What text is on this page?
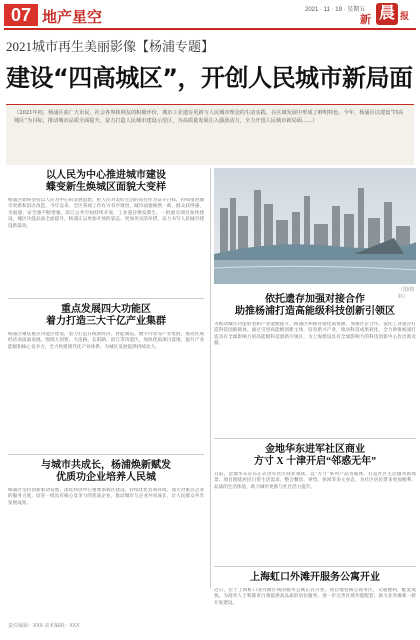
07 地产星空	2021 · 11 · 19 · 星期五
新 晨 报
2021城市再生美丽影像【杨浦专题】
建设“四高城区”，开创人民城市新局面
（2021年初，杨浦区获广大市民、社会各界和网友的积极评价，城市工业遗存更新与人民城市理念的生动实践，在区域发展中形成了鲜明特色。今年，杨浦区以建设“四高城区”为目标，推动城市品质全面提升，奋力打造人民城市建设示范区，为高质量发展注入强劲动力，全力开创人民城市新局面……）
以人民为中心推进城市建设
蝶变新生焕城区面貌大变样
杨浦区始终坚持以人民为中心的发展思想，把人民对美好生活的向往作为奋斗目标，持续推进城市更新和旧区改造。今年以来，全区各项工作有力有序推进，城市面貌焕然一新，群众获得感、幸福感、安全感不断增强。滨江公共空间持续开放，工业遗存焕发新生，一批重点项目加快建设，城区功能品质全面提升。杨浦正以更加开放的姿态、更加务实的举措，奋力书写人民城市建设新篇章。
重点发展四大功能区
着力打造三大千亿产业集群
杨浦区聚焦重点功能区建设，着力打造在线新经济、智能制造、数字内容等产业集群，推动区域经济高质量发展。围绕大创智、大连路、长阳路、滨江等功能区，加快优质项目落地，提升产业能级和核心竞争力，全力构建现代化产业体系，为城区发展提供持续动力。
与城市共成长，杨浦焕新赋发
优质功企业培养人民城
杨浦区坚持创新驱动发展，深化科创中心重要承载区建设，持续优化营商环境，加大对重点企业的服务力度，培育一批具有核心竞争力的优质企业，推动城市与企业共同成长，让人民群众共享发展成果。
（图/资料）
依托遗存加强对接合作
助推杨浦打造高能级科技创新引领区
为推动城市功能转型和产业能级提升，杨浦区积极对接优质资源，加强区企合作，依托工业遗存打造科技创新载体。通过引进高能级创新主体，培育新兴产业，推动科技成果转化，全力助推杨浦打造具有全球影响力的高能级科技创新引领区，为上海建设具有全球影响力的科技创新中心作出新贡献。
金地华东进军社区商业
方寸 X 十津开启“邻惑无年”
日前，金地华东宣布正式进军社区商业领域，以“方寸”系列产品为载体，打造社区生活服务新场景。项目围绕居民日常生活需求，整合餐饮、零售、休闲等多元业态，为社区居民带来更加便利、品质的生活体验，助力城市更新与社区活力提升。
上海虹口外滩开服务公寓开业
近日，位于上海虹口北外滩区域的服务公寓正式开业。项目地处核心商务区，交通便利，配套成熟，为商务人士和都市白领提供高品质的居住服务，进一步完善区域功能配套，助力北外滩新一轮开发建设。
责任编辑：XXX 美术编辑：XXX
